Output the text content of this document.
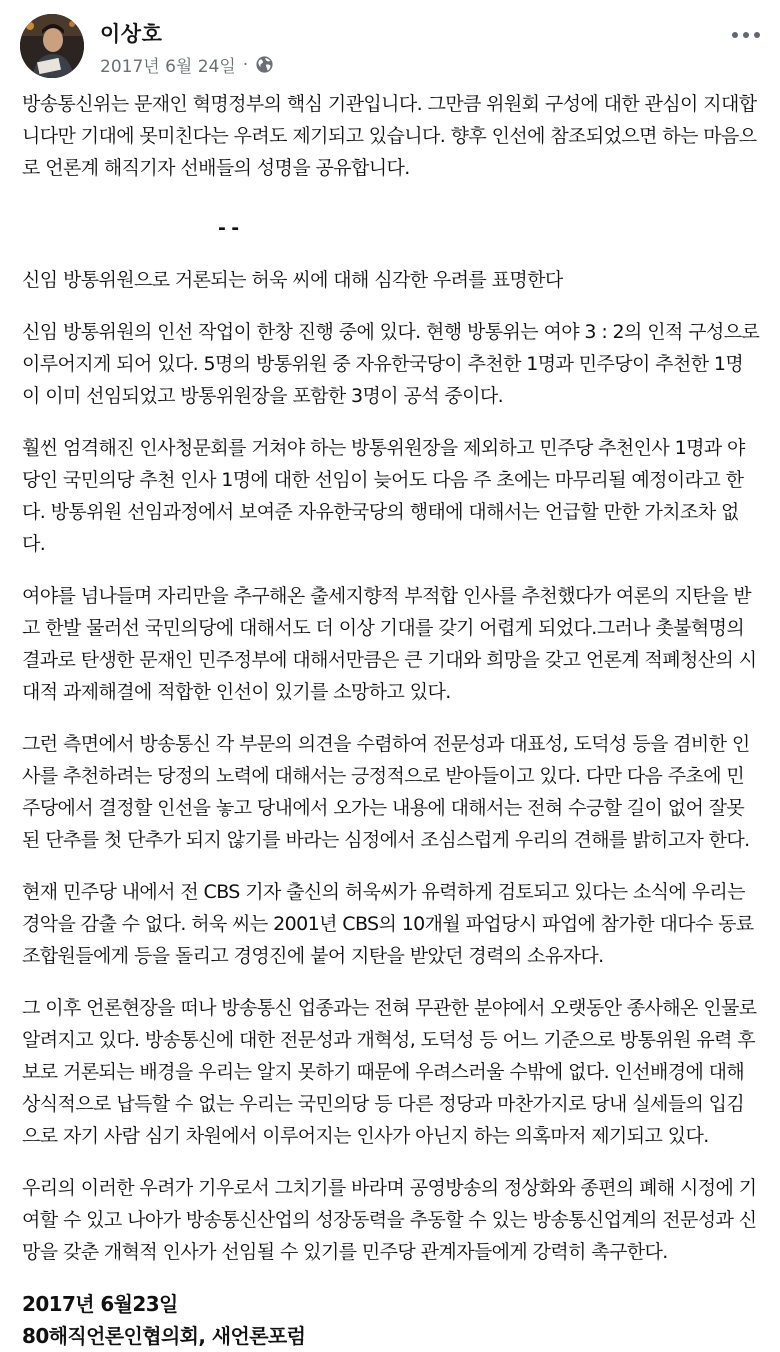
이상호
2017년 6월 24일 ·

방송통신위는 문재인 혁명정부의 핵심 기관입니다. 그만큼 위원회 구성에 대한 관심이 지대합니다만 기대에 못미친다는 우려도 제기되고 있습니다. 향후 인선에 참조되었으면 하는 마음으로 언론계 해직기자 선배들의 성명을 공유합니다.

- -

신임 방통위원으로 거론되는 허욱 씨에 대해 심각한 우려를 표명한다

신임 방통위원의 인선 작업이 한창 진행 중에 있다. 현행 방통위는 여야 3 : 2의 인적 구성으로 이루어지게 되어 있다. 5명의 방통위원 중 자유한국당이 추천한 1명과 민주당이 추천한 1명이 이미 선임되었고 방통위원장을 포함한 3명이 공석 중이다.

훨씬 엄격해진 인사청문회를 거쳐야 하는 방통위원장을 제외하고 민주당 추천인사 1명과 야당인 국민의당 추천 인사 1명에 대한 선임이 늦어도 다음 주 초에는 마무리될 예정이라고 한다. 방통위원 선임과정에서 보여준 자유한국당의 행태에 대해서는 언급할 만한 가치조차 없다.

여야를 넘나들며 자리만을 추구해온 출세지향적 부적합 인사를 추천했다가 여론의 지탄을 받고 한발 물러선 국민의당에 대해서도 더 이상 기대를 갖기 어렵게 되었다.그러나 촛불혁명의 결과로 탄생한 문재인 민주정부에 대해서만큼은 큰 기대와 희망을 갖고 언론계 적폐청산의 시대적 과제해결에 적합한 인선이 있기를 소망하고 있다.

그런 측면에서 방송통신 각 부문의 의견을 수렴하여 전문성과 대표성, 도덕성 등을 겸비한 인사를 추천하려는 당정의 노력에 대해서는 긍정적으로 받아들이고 있다. 다만 다음 주초에 민주당에서 결정할 인선을 놓고 당내에서 오가는 내용에 대해서는 전혀 수긍할 길이 없어 잘못된 단추를 첫 단추가 되지 않기를 바라는 심정에서 조심스럽게 우리의 견해를 밝히고자 한다.

현재 민주당 내에서 전 CBS 기자 출신의 허욱씨가 유력하게 검토되고 있다는 소식에 우리는 경악을 감출 수 없다. 허욱 씨는 2001년 CBS의 10개월 파업당시 파업에 참가한 대다수 동료 조합원들에게 등을 돌리고 경영진에 붙어 지탄을 받았던 경력의 소유자다.

그 이후 언론현장을 떠나 방송통신 업종과는 전혀 무관한 분야에서 오랫동안 종사해온 인물로 알려지고 있다. 방송통신에 대한 전문성과 개혁성, 도덕성 등 어느 기준으로 방통위원 유력 후보로 거론되는 배경을 우리는 알지 못하기 때문에 우려스러울 수밖에 없다. 인선배경에 대해 상식적으로 납득할 수 없는 우리는 국민의당 등 다른 정당과 마찬가지로 당내 실세들의 입김으로 자기 사람 심기 차원에서 이루어지는 인사가 아닌지 하는 의혹마저 제기되고 있다.

우리의 이러한 우려가 기우로서 그치기를 바라며 공영방송의 정상화와 종편의 폐해 시정에 기여할 수 있고 나아가 방송통신산업의 성장동력을 추동할 수 있는 방송통신업계의 전문성과 신망을 갖춘 개혁적 인사가 선임될 수 있기를 민주당 관계자들에게 강력히 촉구한다.

2017년 6월23일

80해직언론인협의회, 새언론포럼
